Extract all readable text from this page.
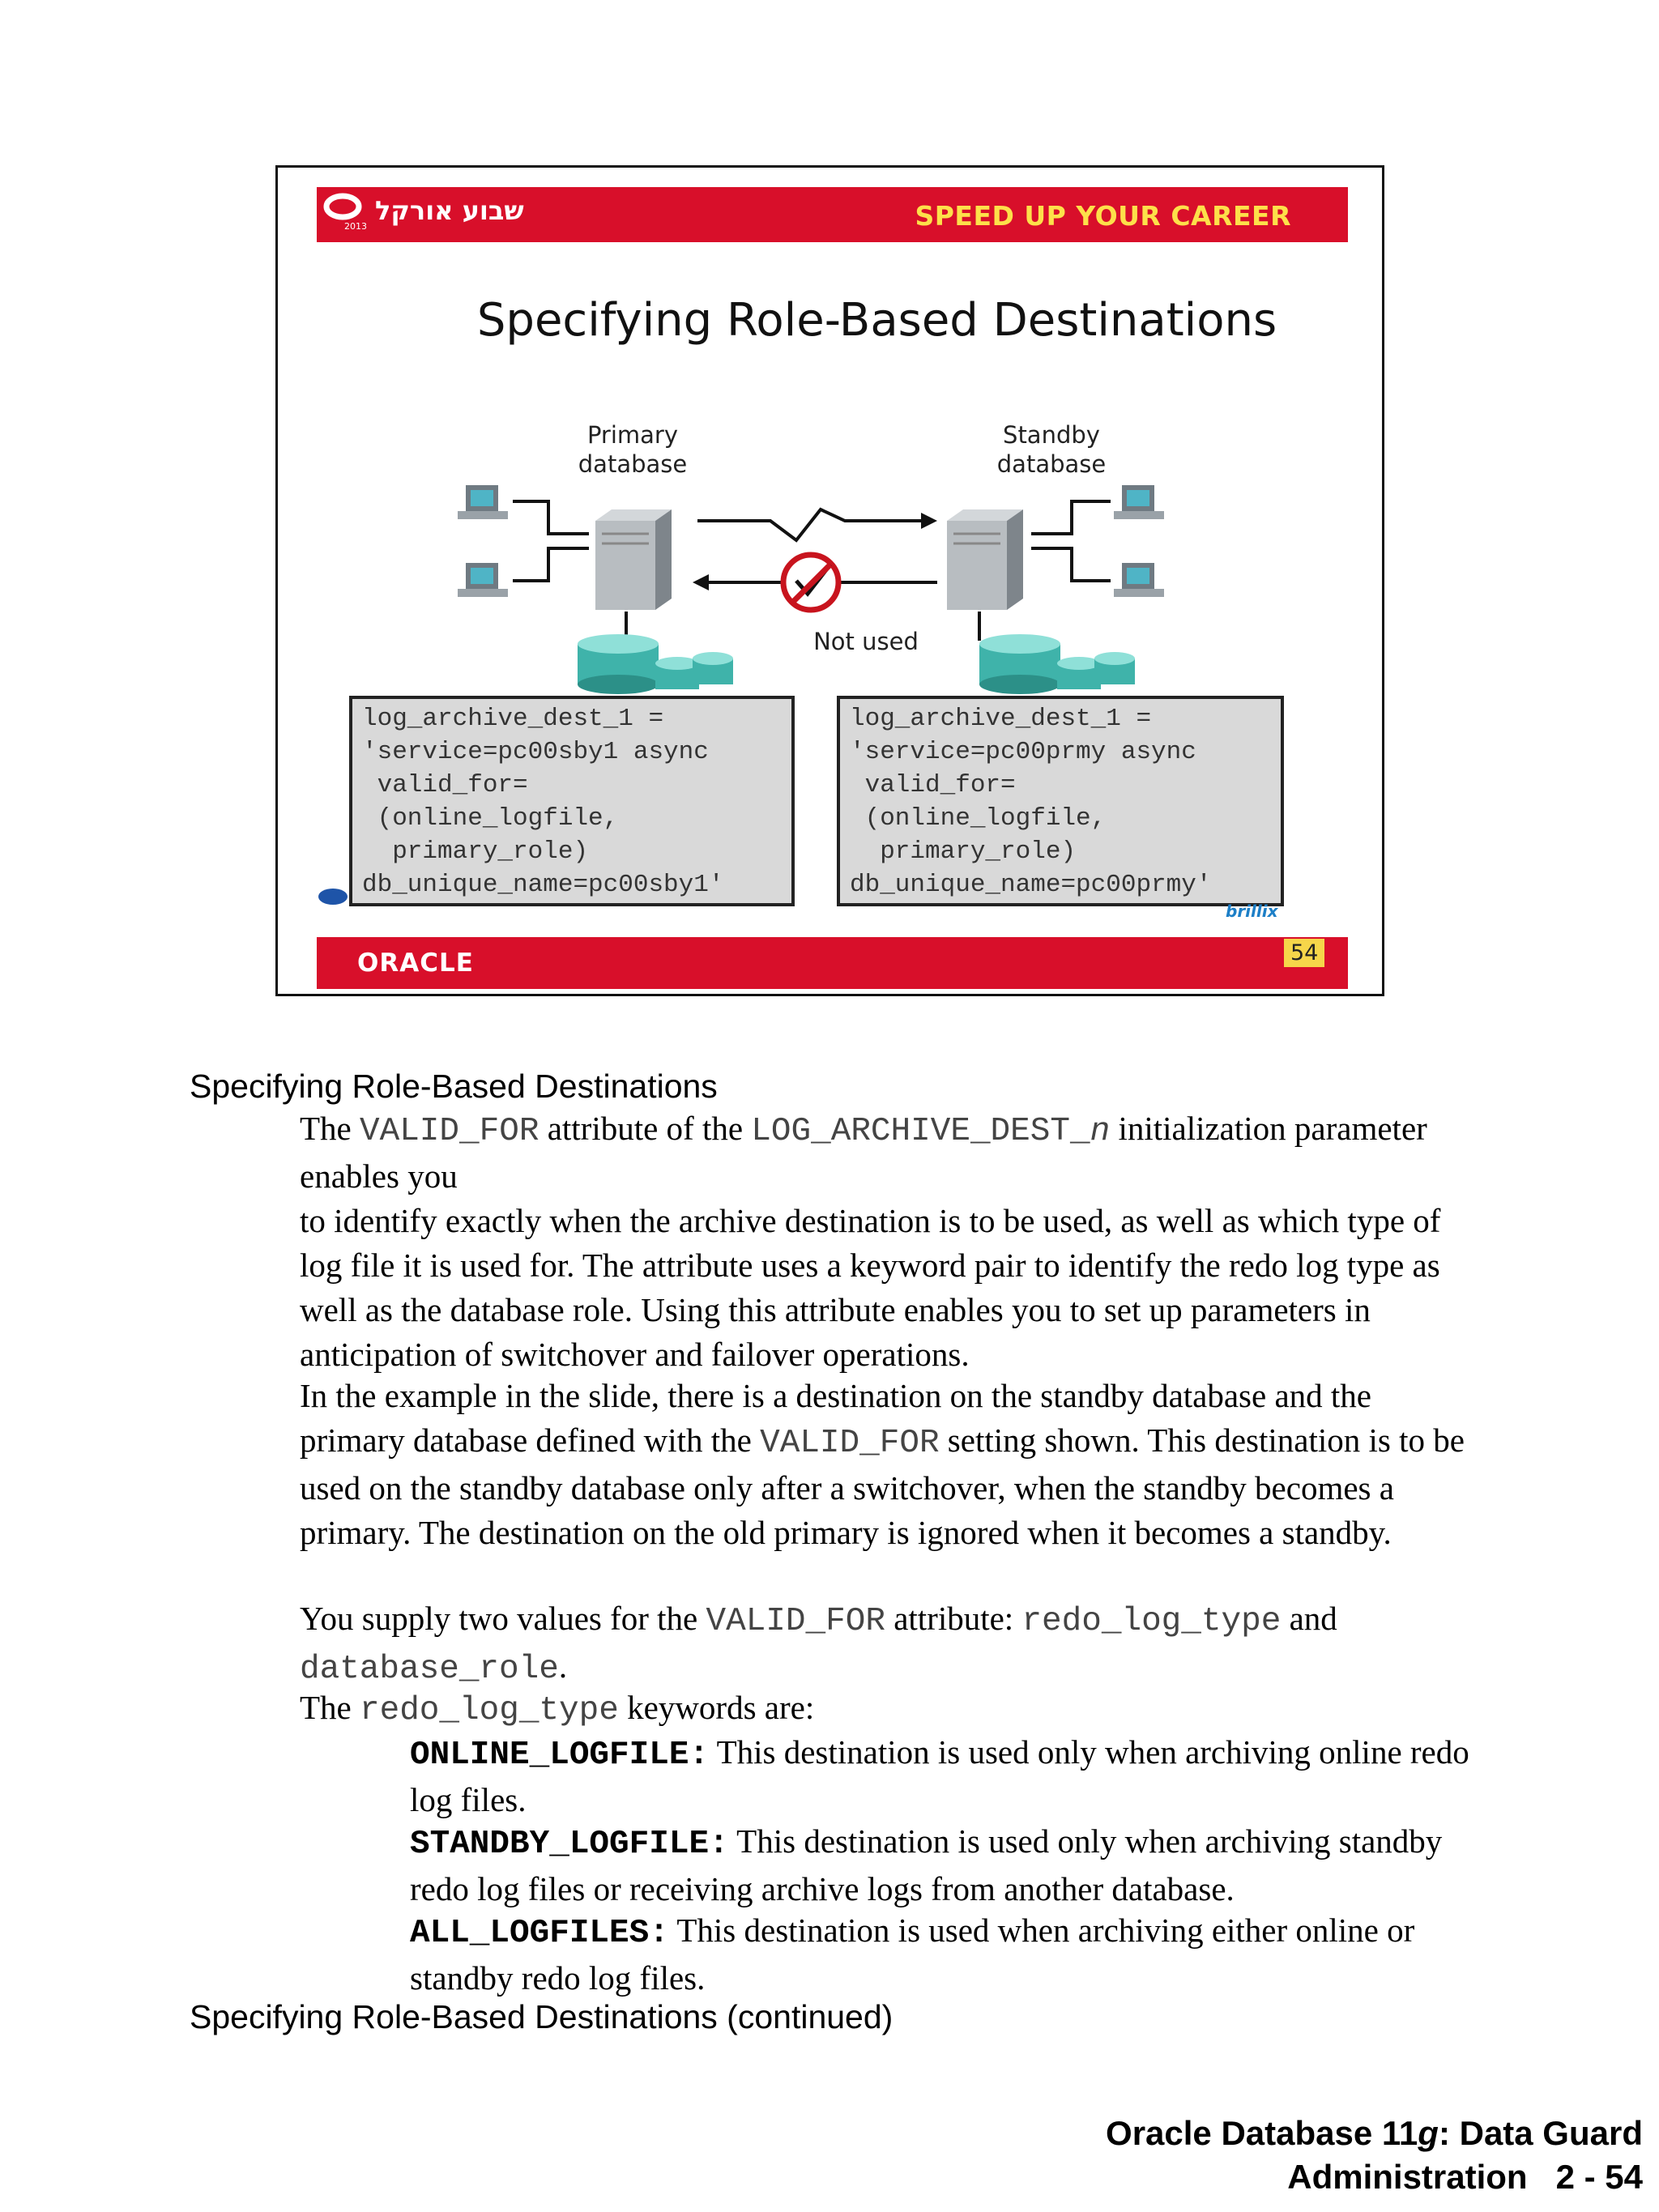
שבוע אורקל
2013	SPEED UP YOUR CAREER
Specifying Role-Based Destinations
Primary
database
Standby
database
Not used
log_archive_dest_1 =
'service=pc00sby1 async
valid_for=
(online_logfile,
primary_role)
db_unique_name=pc00sby1'
log_archive_dest_1 =
'service=pc00prmy async
valid_for=
(online_logfile,
primary_role)
db_unique_name=pc00prmy'
brillix
ORACLE	54
Specifying Role-Based Destinations

The VALID_FOR attribute of the LOG_ARCHIVE_DEST_n initialization parameter enables you
to identify exactly when the archive destination is to be used, as well as which type of log file it is used for. The attribute uses a keyword pair to identify the redo log type as well as the database role. Using this attribute enables you to set up parameters in anticipation of switchover and failover operations.

In the example in the slide, there is a destination on the standby database and the primary database defined with the VALID_FOR setting shown. This destination is to be used on the standby database only after a switchover, when the standby becomes a primary. The destination on the old primary is ignored when it becomes a standby.

You supply two values for the VALID_FOR attribute: redo_log_type and
database_role.

The redo_log_type keywords are:

ONLINE_LOGFILE: This destination is used only when archiving online redo log files.

STANDBY_LOGFILE: This destination is used only when archiving standby redo log files or receiving archive logs from another database.

ALL_LOGFILES: This destination is used when archiving either online or standby redo log files.

Specifying Role-Based Destinations (continued)
Oracle Database 11g: Data Guard
Administration   2 - 54
